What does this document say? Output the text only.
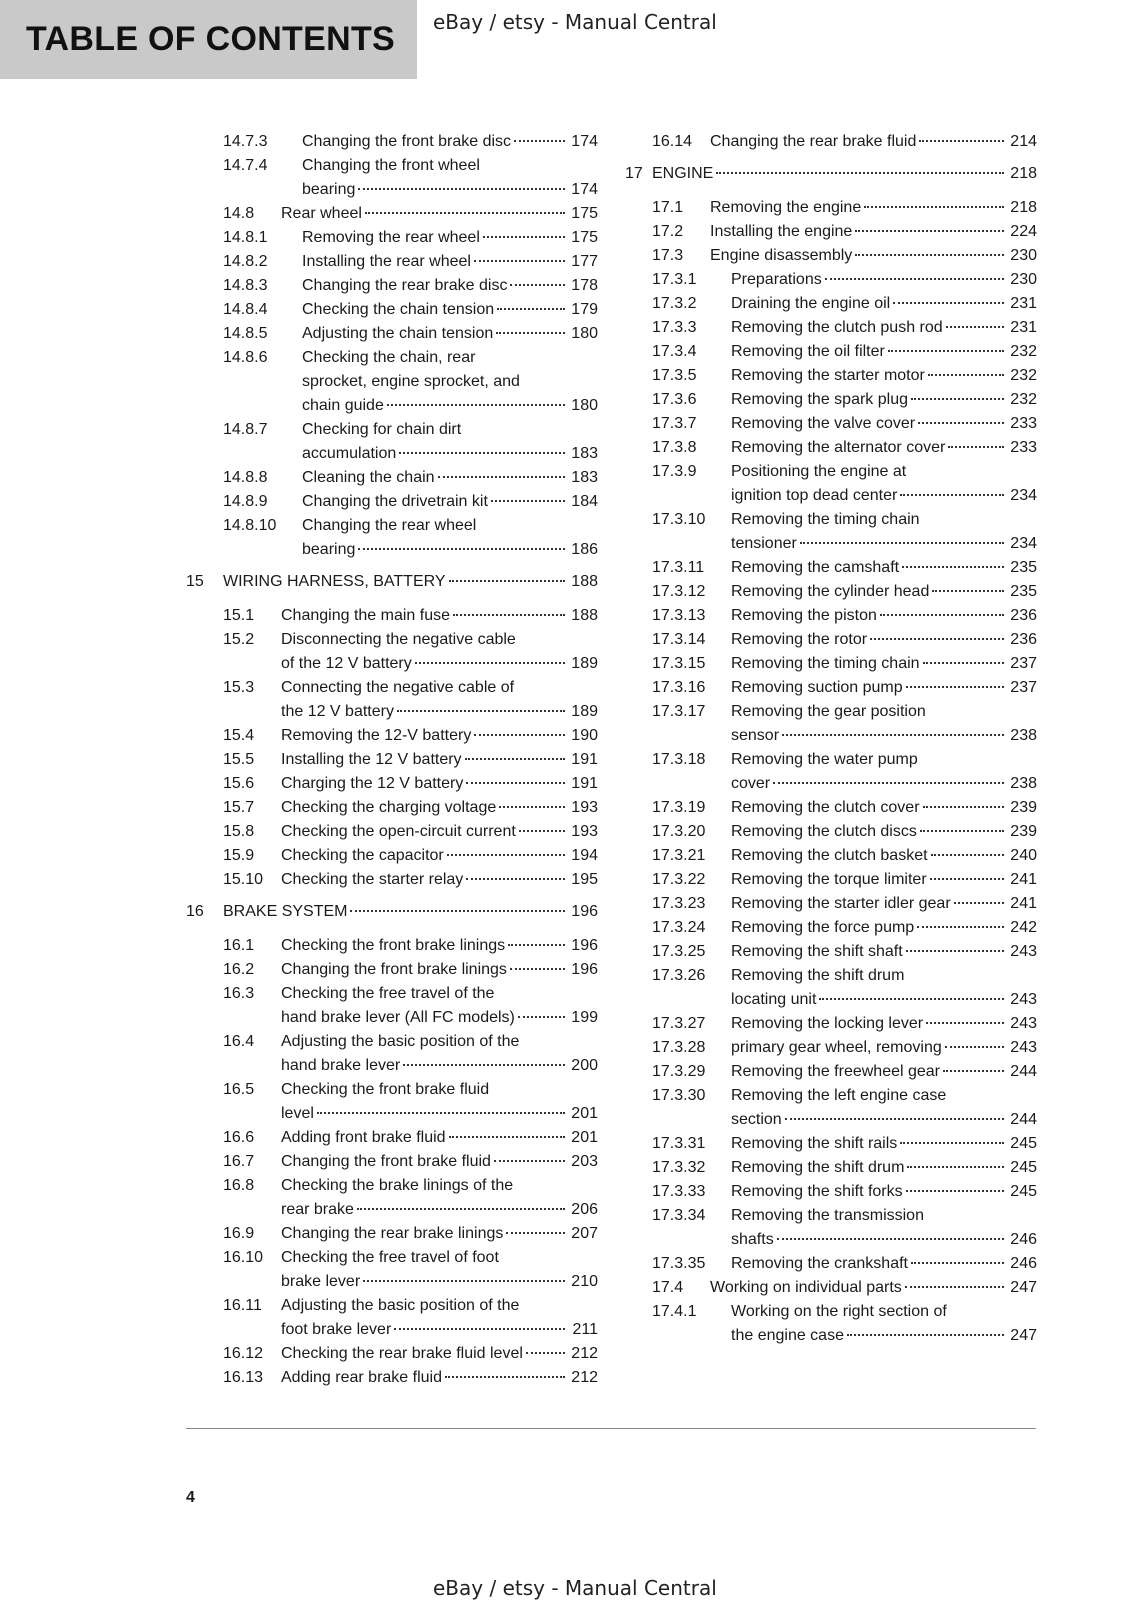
TABLE OF CONTENTS eBay / etsy - Manual Central
14.7.3	Changing the front brake disc	174
14.7.4	Changing the front wheel
bearing	174
14.8	Rear wheel	175
14.8.1	Removing the rear wheel	175
14.8.2	Installing the rear wheel	177
14.8.3	Changing the rear brake disc	178
14.8.4	Checking the chain tension	179
14.8.5	Adjusting the chain tension	180
14.8.6	Checking the chain, rear
sprocket, engine sprocket, and
chain guide	180
14.8.7	Checking for chain dirt
accumulation	183
14.8.8	Cleaning the chain	183
14.8.9	Changing the drivetrain kit	184
14.8.10	Changing the rear wheel
bearing	186
15	WIRING HARNESS, BATTERY	188
15.1	Changing the main fuse	188
15.2	Disconnecting the negative cable
of the 12 V battery	189
15.3	Connecting the negative cable of
the 12 V battery	189
15.4	Removing the 12-V battery	190
15.5	Installing the 12 V battery	191
15.6	Charging the 12 V battery	191
15.7	Checking the charging voltage	193
15.8	Checking the open-circuit current	193
15.9	Checking the capacitor	194
15.10	Checking the starter relay	195
16	BRAKE SYSTEM	196
16.1	Checking the front brake linings	196
16.2	Changing the front brake linings	196
16.3	Checking the free travel of the
hand brake lever (All FC models)	199
16.4	Adjusting the basic position of the
hand brake lever	200
16.5	Checking the front brake fluid
level	201
16.6	Adding front brake fluid	201
16.7	Changing the front brake fluid	203
16.8	Checking the brake linings of the
rear brake	206
16.9	Changing the rear brake linings	207
16.10	Checking the free travel of foot
brake lever	210
16.11	Adjusting the basic position of the
foot brake lever	211
16.12	Checking the rear brake fluid level	212
16.13	Adding rear brake fluid	212
16.14	Changing the rear brake fluid	214
17 ENGINE	218
17.1	Removing the engine	218
17.2	Installing the engine	224
17.3	Engine disassembly	230
17.3.1	Preparations	230
17.3.2	Draining the engine oil	231
17.3.3	Removing the clutch push rod	231
17.3.4	Removing the oil filter	232
17.3.5	Removing the starter motor	232
17.3.6	Removing the spark plug	232
17.3.7	Removing the valve cover	233
17.3.8	Removing the alternator cover	233
17.3.9	Positioning the engine at
ignition top dead center	234
17.3.10	Removing the timing chain
tensioner	234
17.3.11	Removing the camshaft	235
17.3.12	Removing the cylinder head	235
17.3.13	Removing the piston	236
17.3.14	Removing the rotor	236
17.3.15	Removing the timing chain	237
17.3.16	Removing suction pump	237
17.3.17	Removing the gear position
sensor	238
17.3.18	Removing the water pump
cover	238
17.3.19	Removing the clutch cover	239
17.3.20	Removing the clutch discs	239
17.3.21	Removing the clutch basket	240
17.3.22	Removing the torque limiter	241
17.3.23	Removing the starter idler gear	241
17.3.24	Removing the force pump	242
17.3.25	Removing the shift shaft	243
17.3.26	Removing the shift drum
locating unit	243
17.3.27	Removing the locking lever	243
17.3.28	primary gear wheel, removing	243
17.3.29	Removing the freewheel gear	244
17.3.30	Removing the left engine case
section	244
17.3.31	Removing the shift rails	245
17.3.32	Removing the shift drum	245
17.3.33	Removing the shift forks	245
17.3.34	Removing the transmission
shafts	246
17.3.35	Removing the crankshaft	246
17.4	Working on individual parts	247
17.4.1	Working on the right section of
the engine case	247
4
eBay / etsy - Manual Central
